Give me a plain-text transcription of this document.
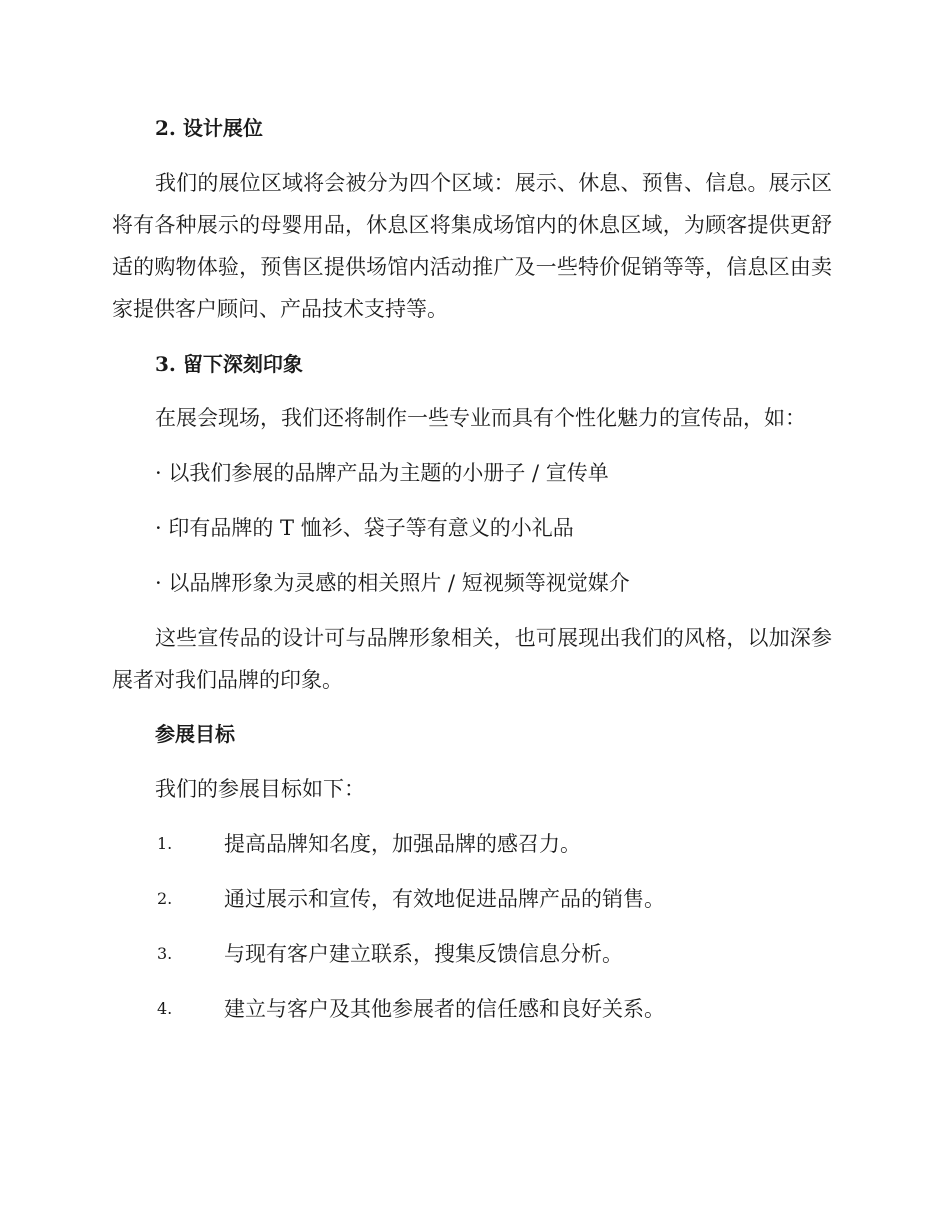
2. 设计展位
我们的展位区域将会被分为四个区域：展示、休息、预售、信息。展示区将有各种展示的母婴用品，休息区将集成场馆内的休息区域，为顾客提供更舒适的购物体验，预售区提供场馆内活动推广及一些特价促销等等，信息区由卖家提供客户顾问、产品技术支持等。
3. 留下深刻印象
在展会现场，我们还将制作一些专业而具有个性化魅力的宣传品，如：
· 以我们参展的品牌产品为主题的小册子 / 宣传单
· 印有品牌的 T 恤衫、袋子等有意义的小礼品
· 以品牌形象为灵感的相关照片 / 短视频等视觉媒介
这些宣传品的设计可与品牌形象相关，也可展现出我们的风格，以加深参展者对我们品牌的印象。
参展目标
我们的参展目标如下：
1. 提高品牌知名度，加强品牌的感召力。
2. 通过展示和宣传，有效地促进品牌产品的销售。
3. 与现有客户建立联系，搜集反馈信息分析。
4. 建立与客户及其他参展者的信任感和良好关系。
